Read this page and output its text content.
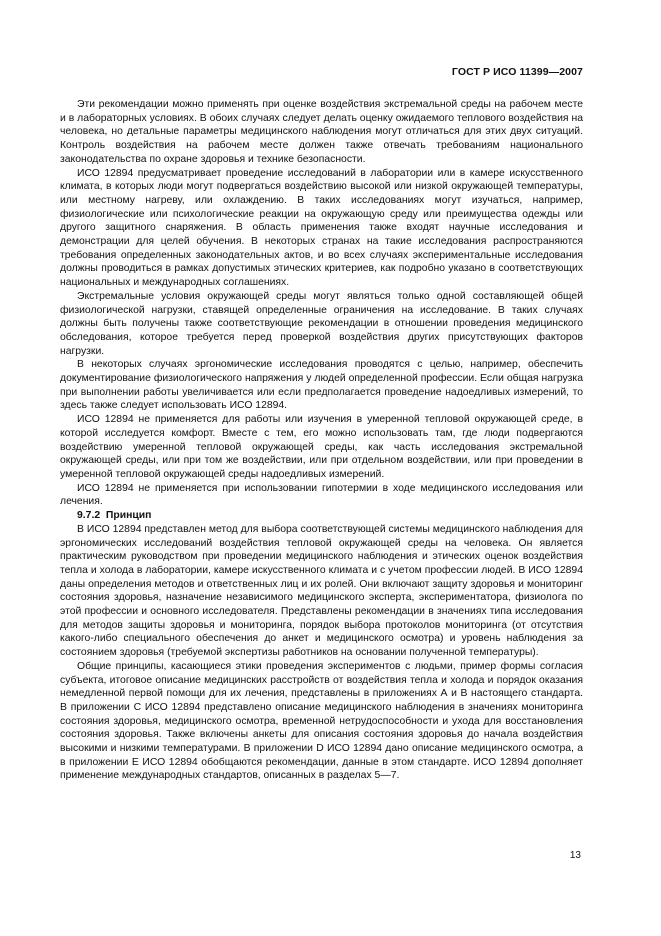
ГОСТ Р ИСО 11399—2007

Эти рекомендации можно применять при оценке воздействия экстремальной среды на рабочем месте и в лабораторных условиях. В обоих случаях следует делать оценку ожидаемого теплового воздействия на человека, но детальные параметры медицинского наблюдения могут отличаться для этих двух ситуаций. Контроль воздействия на рабочем месте должен также отвечать требованиям национального законодательства по охране здоровья и технике безопасности.

ИСО 12894 предусматривает проведение исследований в лаборатории или в камере искусственного климата, в которых люди могут подвергаться воздействию высокой или низкой окружающей температуры, или местному нагреву, или охлаждению. В таких исследованиях могут изучаться, например, физиологические или психологические реакции на окружающую среду или преимущества одежды или другого защитного снаряжения. В область применения также входят научные исследования и демонстрации для целей обучения. В некоторых странах на такие исследования распространяются требования определенных законодательных актов, и во всех случаях экспериментальные исследования должны проводиться в рамках допустимых этических критериев, как подробно указано в соответствующих национальных и международных соглашениях.

Экстремальные условия окружающей среды могут являться только одной составляющей общей физиологической нагрузки, ставящей определенные ограничения на исследование. В таких случаях должны быть получены также соответствующие рекомендации в отношении проведения медицинского обследования, которое требуется перед проверкой воздействия других присутствующих факторов нагрузки.

В некоторых случаях эргономические исследования проводятся с целью, например, обеспечить документирование физиологического напряжения у людей определенной профессии. Если общая нагрузка при выполнении работы увеличивается или если предполагается проведение надоедливых измерений, то здесь также следует использовать ИСО 12894.

ИСО 12894 не применяется для работы или изучения в умеренной тепловой окружающей среде, в которой исследуется комфорт. Вместе с тем, его можно использовать там, где люди подвергаются воздействию умеренной тепловой окружающей среды, как часть исследования экстремальной окружающей среды, или при том же воздействии, или при отдельном воздействии, или при проведении в умеренной тепловой окружающей среды надоедливых измерений.

ИСО 12894 не применяется при использовании гипотермии в ходе медицинского исследования или лечения.

9.7.2 Принцип

В ИСО 12894 представлен метод для выбора соответствующей системы медицинского наблюдения для эргономических исследований воздействия тепловой окружающей среды на человека. Он является практическим руководством при проведении медицинского наблюдения и этических оценок воздействия тепла и холода в лаборатории, камере искусственного климата и с учетом профессии людей. В ИСО 12894 даны определения методов и ответственных лиц и их ролей. Они включают защиту здоровья и мониторинг состояния здоровья, назначение независимого медицинского эксперта, экспериментатора, физиолога по этой профессии и основного исследователя. Представлены рекомендации в значениях типа исследования для методов защиты здоровья и мониторинга, порядок выбора протоколов мониторинга (от отсутствия какого-либо специального обеспечения до анкет и медицинского осмотра) и уровень наблюдения за состоянием здоровья (требуемой экспертизы работников на основании полученной температуры).

Общие принципы, касающиеся этики проведения экспериментов с людьми, пример формы согласия субъекта, итоговое описание медицинских расстройств от воздействия тепла и холода и порядок оказания немедленной первой помощи для их лечения, представлены в приложениях А и В настоящего стандарта. В приложении С ИСО 12894 представлено описание медицинского наблюдения в значениях мониторинга состояния здоровья, медицинского осмотра, временной нетрудоспособности и ухода для восстановления состояния здоровья. Также включены анкеты для описания состояния здоровья до начала воздействия высокими и низкими температурами. В приложении D ИСО 12894 дано описание медицинского осмотра, а в приложении Е ИСО 12894 обобщаются рекомендации, данные в этом стандарте. ИСО 12894 дополняет применение международных стандартов, описанных в разделах 5—7.

13
